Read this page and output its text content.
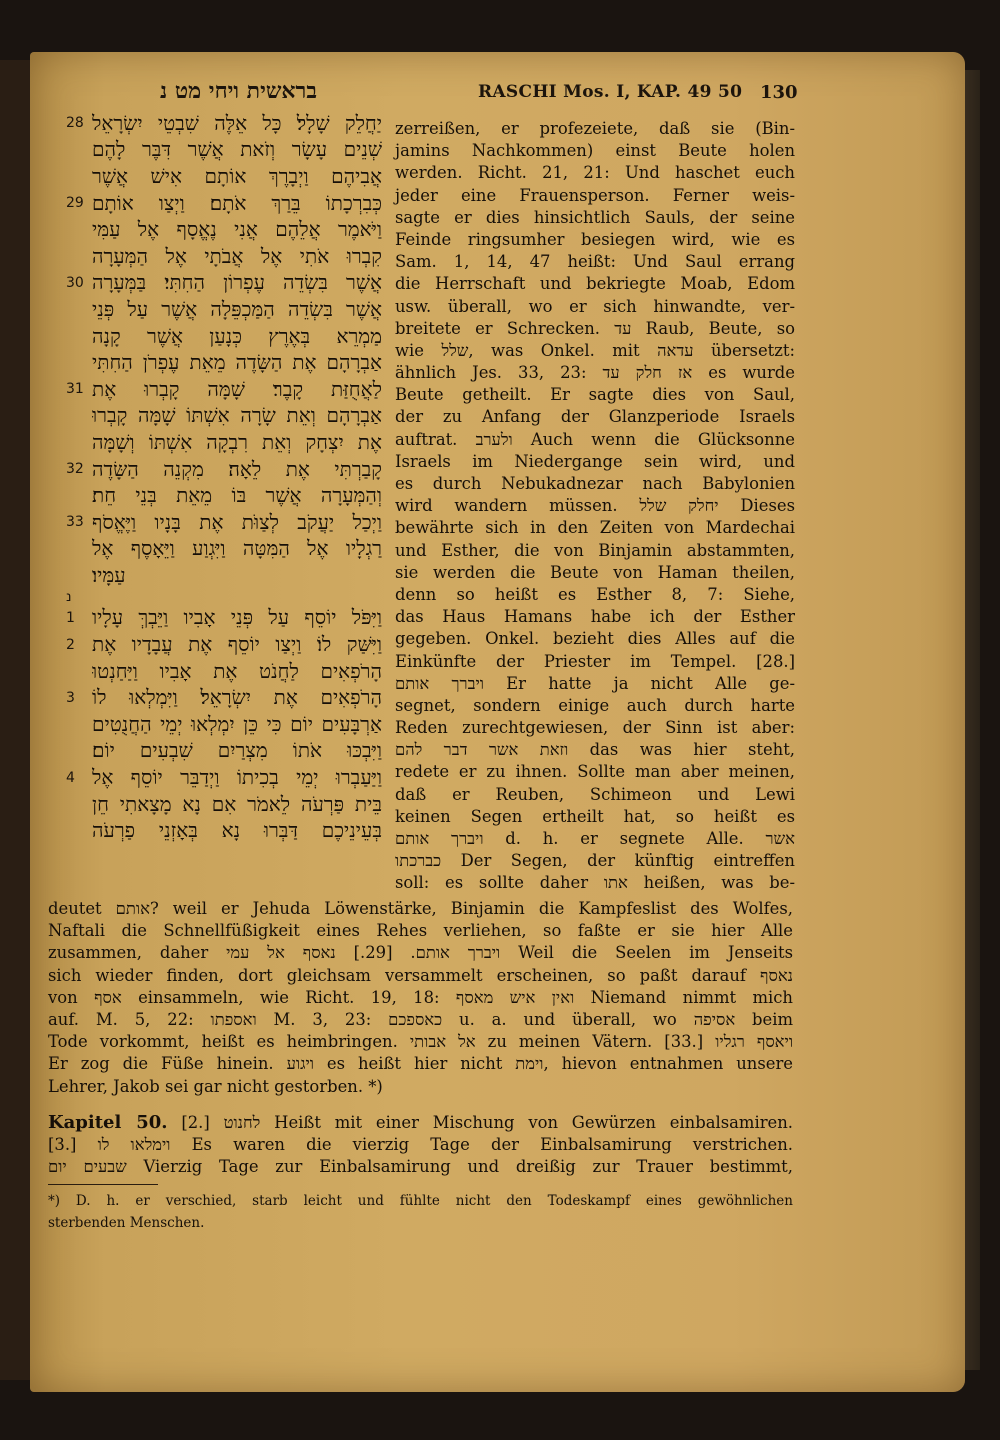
בראשית ויחי מט נ	RASCHI Mos. I, KAP. 49 50 130
28 יַחֲלֵק שָׁלָל׃ כָּל אֵלֶּה שִׁבְטֵי יִשְׂרָאֵל
שְׁנֵים עָשָׂר וְזֹאת אֲשֶׁר דִּבֶּר לָהֶם
אֲבִיהֶם וַיְבָרֶךְ אוֹתָם אִישׁ אֲשֶׁר
29 כְּבִרְכָתוֹ בֵּרַךְ אֹתָם׃ וַיְצַו אוֹתָם
וַיֹּאמֶר אֲלֵהֶם אֲנִי נֶאֱסָף אֶל עַמִּי
קִבְרוּ אֹתִי אֶל אֲבֹתָי אֶל הַמְּעָרָה
30 אֲשֶׁר בִּשְׂדֵה עֶפְרוֹן הַחִתִּי׃ בַּמְּעָרָה
אֲשֶׁר בִּשְׂדֵה הַמַּכְפֵּלָה אֲשֶׁר עַל פְּנֵי
מַמְרֵא בְּאֶרֶץ כְּנָעַן אֲשֶׁר קָנָה
אַבְרָהָם אֶת הַשָּׂדֶה מֵאֵת עֶפְרֹן הַחִתִּי
31 לַאֲחֻזַּת קָבֶר׃ שָׁמָּה קָבְרוּ אֶת
אַבְרָהָם וְאֵת שָׂרָה אִשְׁתּוֹ שָׁמָּה קָבְרוּ
אֶת יִצְחָק וְאֵת רִבְקָה אִשְׁתּוֹ וְשָׁמָּה
32 קָבַרְתִּי אֶת לֵאָה׃ מִקְנֵה הַשָּׂדֶה
וְהַמְּעָרָה אֲשֶׁר בּוֹ מֵאֵת בְּנֵי חֵת׃
33 וַיְכַל יַעֲקֹב לְצַוֹּת אֶת בָּנָיו וַיֶּאֱסֹף
רַגְלָיו אֶל הַמִּטָּה וַיִּגְוַע וַיֵּאָסֶף אֶל
עַמָּיו׃
נ
1 וַיִּפֹּל יוֹסֵף עַל פְּנֵי אָבִיו וַיֵּבְךְּ עָלָיו
2 וַיִּשַּׁק לוֹ׃ וַיְצַו יוֹסֵף אֶת עֲבָדָיו אֶת
הָרֹפְאִים לַחֲנֹט אֶת אָבִיו וַיַּחַנְטוּ
3 הָרֹפְאִים אֶת יִשְׂרָאֵל׃ וַיִּמְלְאוּ לוֹ
אַרְבָּעִים יוֹם כִּי כֵּן יִמְלְאוּ יְמֵי הַחֲנֻטִים
וַיִּבְכּוּ אֹתוֹ מִצְרַיִם שִׁבְעִים יוֹם׃
4 וַיַּעַבְרוּ יְמֵי בְכִיתוֹ וַיְדַבֵּר יוֹסֵף אֶל
בֵּית פַּרְעֹה לֵאמֹר אִם נָא מָצָאתִי חֵן
בְּעֵינֵיכֶם דַּבְּרוּ נָא בְּאָזְנֵי פַרְעֹה
zerreißen, er profezeiete, daß sie (Bin-
jamins Nachkommen) einst Beute holen
werden. Richt. 21, 21: Und haschet euch
jeder eine Frauensperson. Ferner weis-
sagte er dies hinsichtlich Sauls, der seine
Feinde ringsumher besiegen wird, wie es
Sam. 1, 14, 47 heißt: Und Saul errang
die Herrschaft und bekriegte Moab, Edom
usw. überall, wo er sich hinwandte, ver-
breitete er Schrecken. עד Raub, Beute, so
wie שלל, was Onkel. mit עדאה übersetzt:
ähnlich Jes. 33, 23: אז חלק עד es wurde
Beute getheilt. Er sagte dies von Saul,
der zu Anfang der Glanzperiode Israels
auftrat. ולערב Auch wenn die Glücksonne
Israels im Niedergange sein wird, und
es durch Nebukadnezar nach Babylonien
wird wandern müssen. יחלק שלל Dieses
bewährte sich in den Zeiten von Mardechai
und Esther, die von Binjamin abstammten,
sie werden die Beute von Haman theilen,
denn so heißt es Esther 8, 7: Siehe,
das Haus Hamans habe ich der Esther
gegeben. Onkel. bezieht dies Alles auf die
Einkünfte der Priester im Tempel. [28.]
ויברך אותם Er hatte ja nicht Alle ge-
segnet, sondern einige auch durch harte
Reden zurechtgewiesen, der Sinn ist aber:
וזאת אשר דבר להם das was hier steht,
redete er zu ihnen. Sollte man aber meinen,
daß er Reuben, Schimeon und Lewi
keinen Segen ertheilt hat, so heißt es
ויברך אותם d. h. er segnete Alle. אשר
כברכתו Der Segen, der künftig eintreffen
soll: es sollte daher אתו heißen, was be-
deutet אותם? weil er Jehuda Löwenstärke, Binjamin die Kampfeslist des Wolfes,
Naftali die Schnellfüßigkeit eines Rehes verliehen, so faßte er sie hier Alle
zusammen, daher ויברך אותם. [29.] נאסף אל עמי Weil die Seelen im Jenseits
sich wieder finden, dort gleichsam versammelt erscheinen, so paßt darauf נאסף
von אסף einsammeln, wie Richt. 19, 18: ואין איש מאסף Niemand nimmt mich
auf. M. 5, 22: ואספתו M. 3, 23: כאספכם u. a. und überall, wo אסיפה beim
Tode vorkommt, heißt es heimbringen. אל אבותי zu meinen Vätern. [33.] ויאסף רגליו
Er zog die Füße hinein. ויגוע es heißt hier nicht וימת, hievon entnahmen unsere
Lehrer, Jakob sei gar nicht gestorben. *)
Kapitel 50. [2.] לחנוט Heißt mit einer Mischung von Gewürzen einbalsamiren.
[3.] וימלאו לו Es waren die vierzig Tage der Einbalsamirung verstrichen.
שבעים יום Vierzig Tage zur Einbalsamirung und dreißig zur Trauer bestimmt,
*) D. h. er verschied, starb leicht und fühlte nicht den Todeskampf eines gewöhnlichen
sterbenden Menschen.
